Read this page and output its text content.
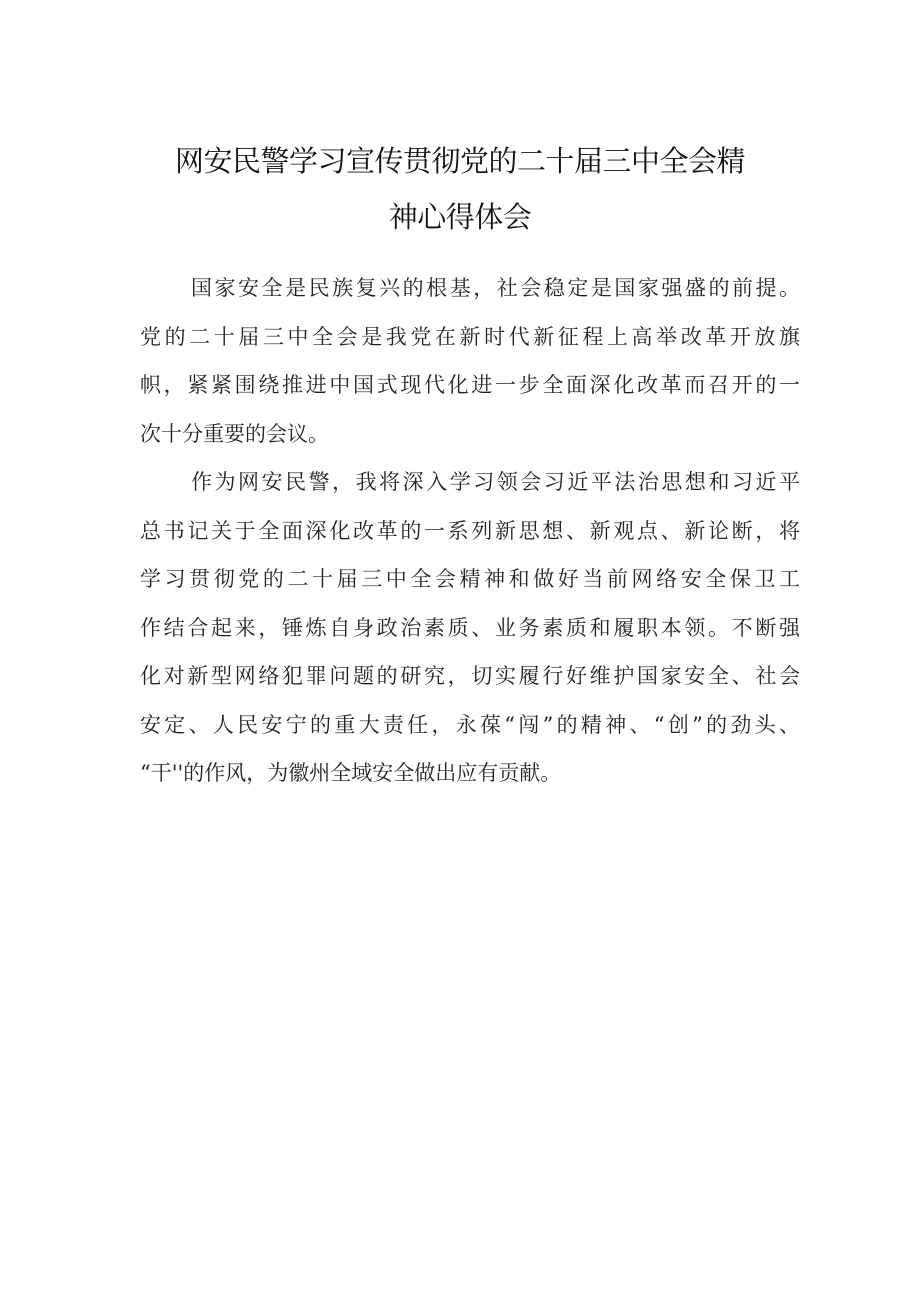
网安民警学习宣传贯彻党的二十届三中全会精
神心得体会
国家安全是民族复兴的根基，社会稳定是国家强盛的前提。
党的二十届三中全会是我党在新时代新征程上高举改革开放旗
帜，紧紧围绕推进中国式现代化进一步全面深化改革而召开的一
次十分重要的会议。
作为网安民警，我将深入学习领会习近平法治思想和习近平
总书记关于全面深化改革的一系列新思想、新观点、新论断，将
学习贯彻党的二十届三中全会精神和做好当前网络安全保卫工
作结合起来，锤炼自身政治素质、业务素质和履职本领。不断强
化对新型网络犯罪问题的研究，切实履行好维护国家安全、社会
安定、人民安宁的重大责任，永葆“闯”的精神、“创”的劲头、
“干''的作风，为徽州全域安全做出应有贡献。
